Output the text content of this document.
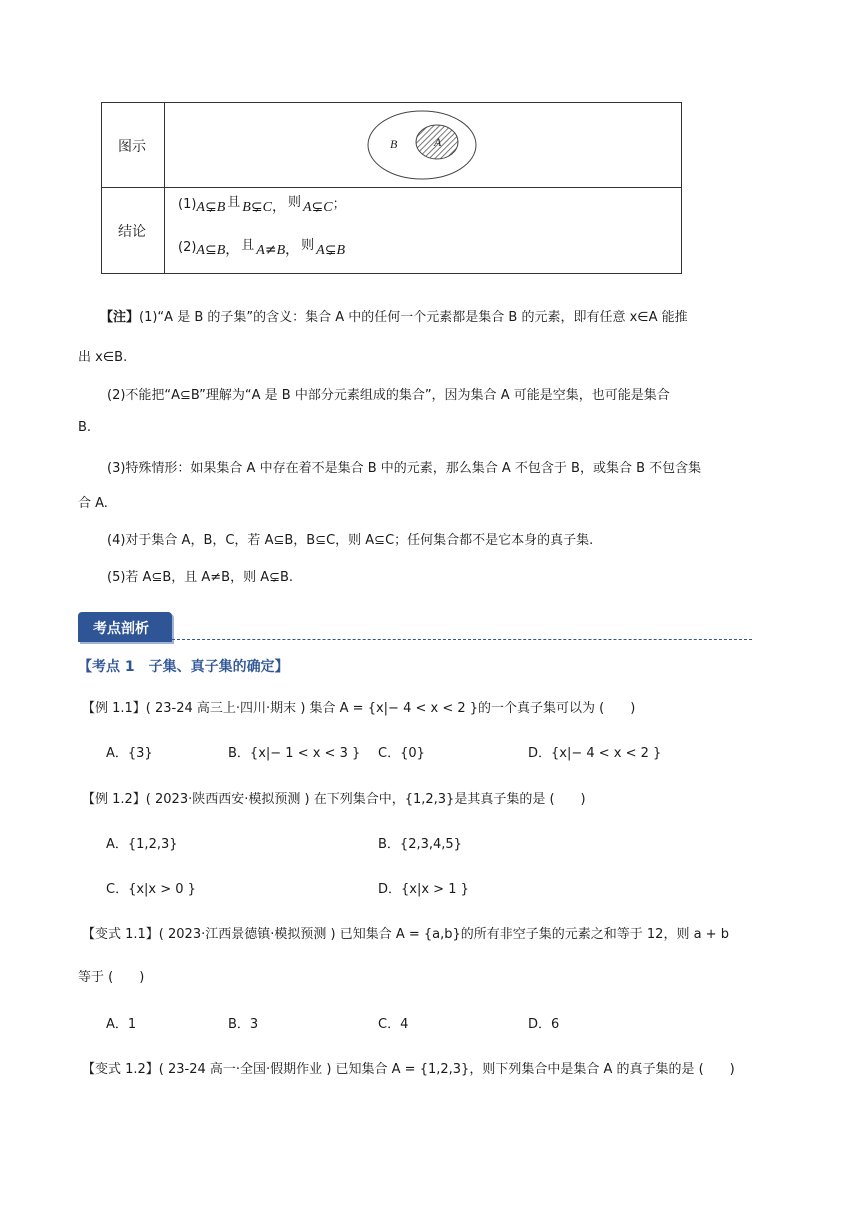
图示	B	A
结论
(1)A⊊B 且 B⊊C， 则 A⊊C；
(2)A⊆B， 且 A≠B， 则 A⊊B
【注】(1)“A 是 B 的子集”的含义：集合 A 中的任何一个元素都是集合 B 的元素，即有任意 x∈A 能推
出 x∈B.
(2)不能把“A⊆B”理解为“A 是 B 中部分元素组成的集合”，因为集合 A 可能是空集，也可能是集合
B.
(3)特殊情形：如果集合 A 中存在着不是集合 B 中的元素，那么集合 A 不包含于 B，或集合 B 不包含集
合 A.
(4)对于集合 A，B，C，若 A⊆B，B⊆C，则 A⊆C；任何集合都不是它本身的真子集.
(5)若 A⊆B，且 A≠B，则 A⊊B.
考点剖析
【考点 1　子集、真子集的确定】
【例 1.1】( 23-24 高三上·四川·期末 ) 集合 A = {x|− 4 < x < 2 }的一个真子集可以为 (　　)
A．{3}	B．{x|− 1 < x < 3 } C．{0}	D．{x|− 4 < x < 2 }
【例 1.2】( 2023·陕西西安·模拟预测 ) 在下列集合中，{1,2,3}是其真子集的是 (　　)
A．{1,2,3}	B．{2,3,4,5}
C．{x|x > 0 }	D．{x|x > 1 }
【变式 1.1】( 2023·江西景德镇·模拟预测 ) 已知集合 A = {a,b}的所有非空子集的元素之和等于 12，则 a + b
等于 (　　)
A．1	B．3	C．4	D．6
【变式 1.2】( 23-24 高一·全国·假期作业 ) 已知集合 A = {1,2,3}，则下列集合中是集合 A 的真子集的是 (　　)
